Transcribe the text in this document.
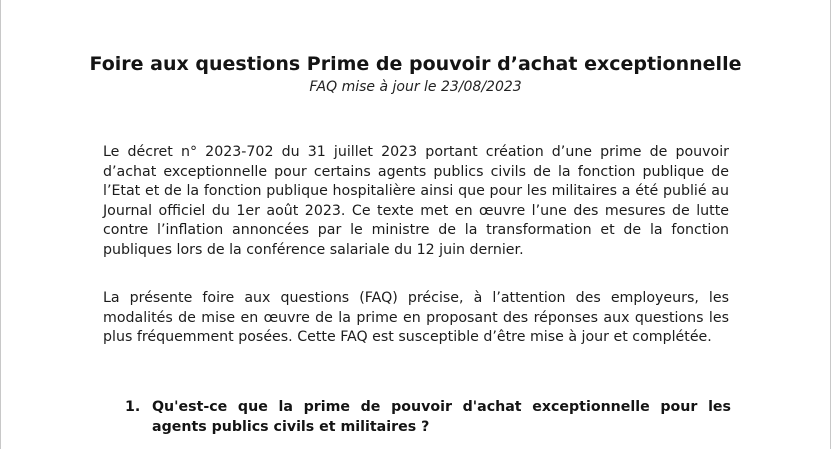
Foire aux questions Prime de pouvoir d’achat exceptionnelle
FAQ mise à jour le 23/08/2023
Le décret n° 2023-702 du 31 juillet 2023 portant création d’une prime de pouvoir d’achat exceptionnelle pour certains agents publics civils de la fonction publique de l’Etat et de la fonction publique hospitalière ainsi que pour les militaires a été publié au Journal officiel du 1er août 2023. Ce texte met en œuvre l’une des mesures de lutte contre l’inflation annoncées par le ministre de la transformation et de la fonction publiques lors de la conférence salariale du 12 juin dernier.
La présente foire aux questions (FAQ) précise, à l’attention des employeurs, les modalités de mise en œuvre de la prime en proposant des réponses aux questions les plus fréquemment posées. Cette FAQ est susceptible d’être mise à jour et complétée.
1. Qu'est-ce que la prime de pouvoir d'achat exceptionnelle pour les agents publics civils et militaires ?
